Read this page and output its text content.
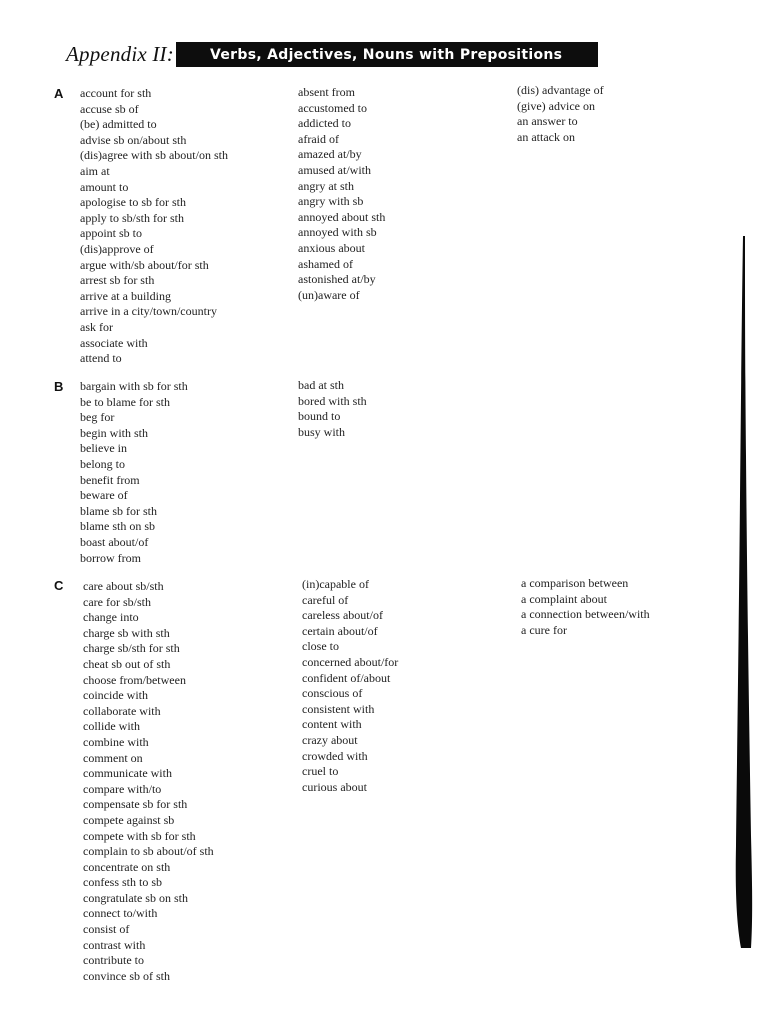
Appendix II:	Verbs, Adjectives, Nouns with Prepositions
A account for sth
accuse sb of
(be) admitted to
advise sb on/about sth
(dis)agree with sb about/on sth
aim at
amount to
apologise to sb for sth
apply to sb/sth for sth
appoint sb to
(dis)approve of
argue with/sb about/for sth
arrest sb for sth
arrive at a building
arrive in a city/town/country
ask for
associate with
attend to
absent from
accustomed to
addicted to
afraid of
amazed at/by
amused at/with
angry at sth
angry with sb
annoyed about sth
annoyed with sb
anxious about
ashamed of
astonished at/by
(un)aware of
(dis) advantage of
(give) advice on
an answer to
an attack on
B bargain with sb for sth
be to blame for sth
beg for
begin with sth
believe in
belong to
benefit from
beware of
blame sb for sth
blame sth on sb
boast about/of
borrow from
bad at sth
bored with sth
bound to
busy with
C care about sb/sth
care for sb/sth
change into
charge sb with sth
charge sb/sth for sth
cheat sb out of sth
choose from/between
coincide with
collaborate with
collide with
combine with
comment on
communicate with
compare with/to
compensate sb for sth
compete against sb
compete with sb for sth
complain to sb about/of sth
concentrate on sth
confess sth to sb
congratulate sb on sth
connect to/with
consist of
contrast with
contribute to
convince sb of sth
(in)capable of
careful of
careless about/of
certain about/of
close to
concerned about/for
confident of/about
conscious of
consistent with
content with
crazy about
crowded with
cruel to
curious about
a comparison between
a complaint about
a connection between/with
a cure for
